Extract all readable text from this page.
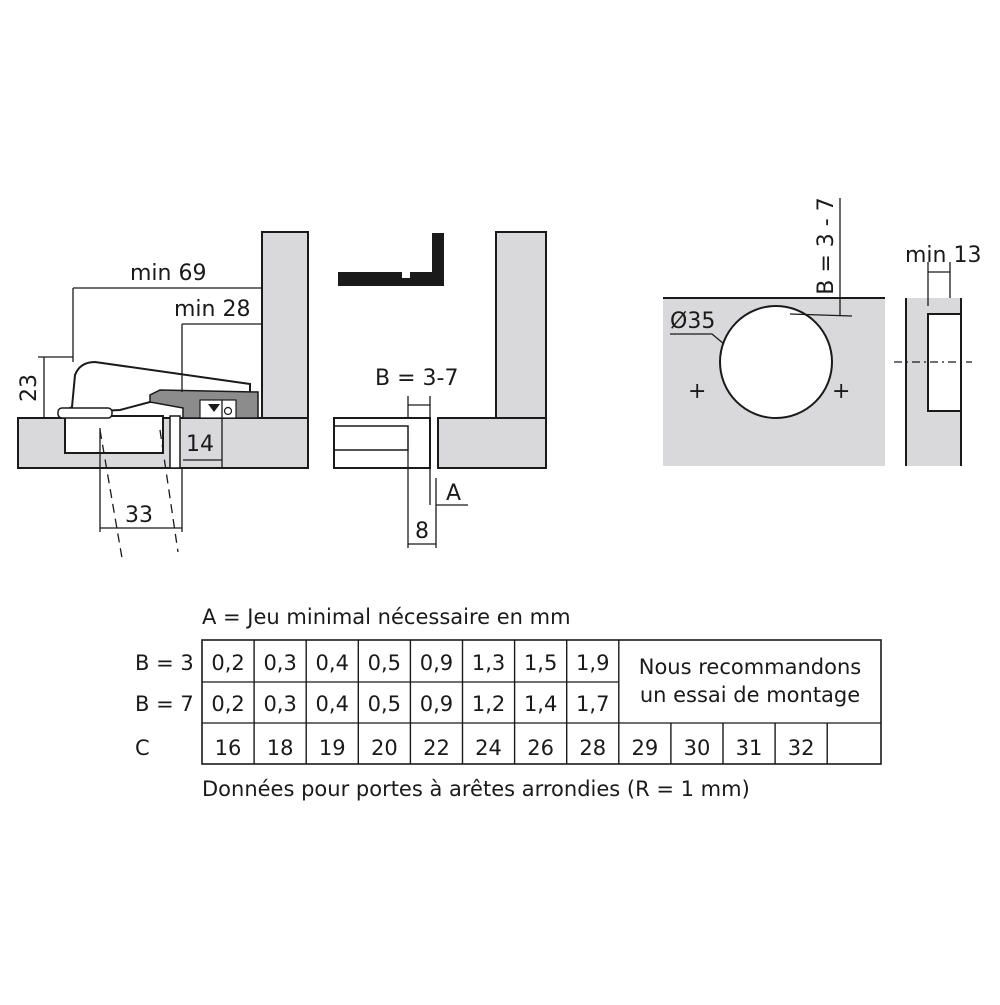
min 69
min 28
23
14
33
B = 3-7
A
8
+	+
Ø35
B = 3 - 7	min 13
A = Jeu minimal nécessaire en mm
B = 3
B = 7
C
0,2 0,3 0,4 0,5 0,9 1,3 1,5 1,9
0,2 0,3 0,4 0,5 0,9 1,2 1,4 1,7
16 18 19 20 22 24 26 28 29 30 31 32
Nous recommandons
un essai de montage
Données pour portes à arêtes arrondies (R = 1 mm)
